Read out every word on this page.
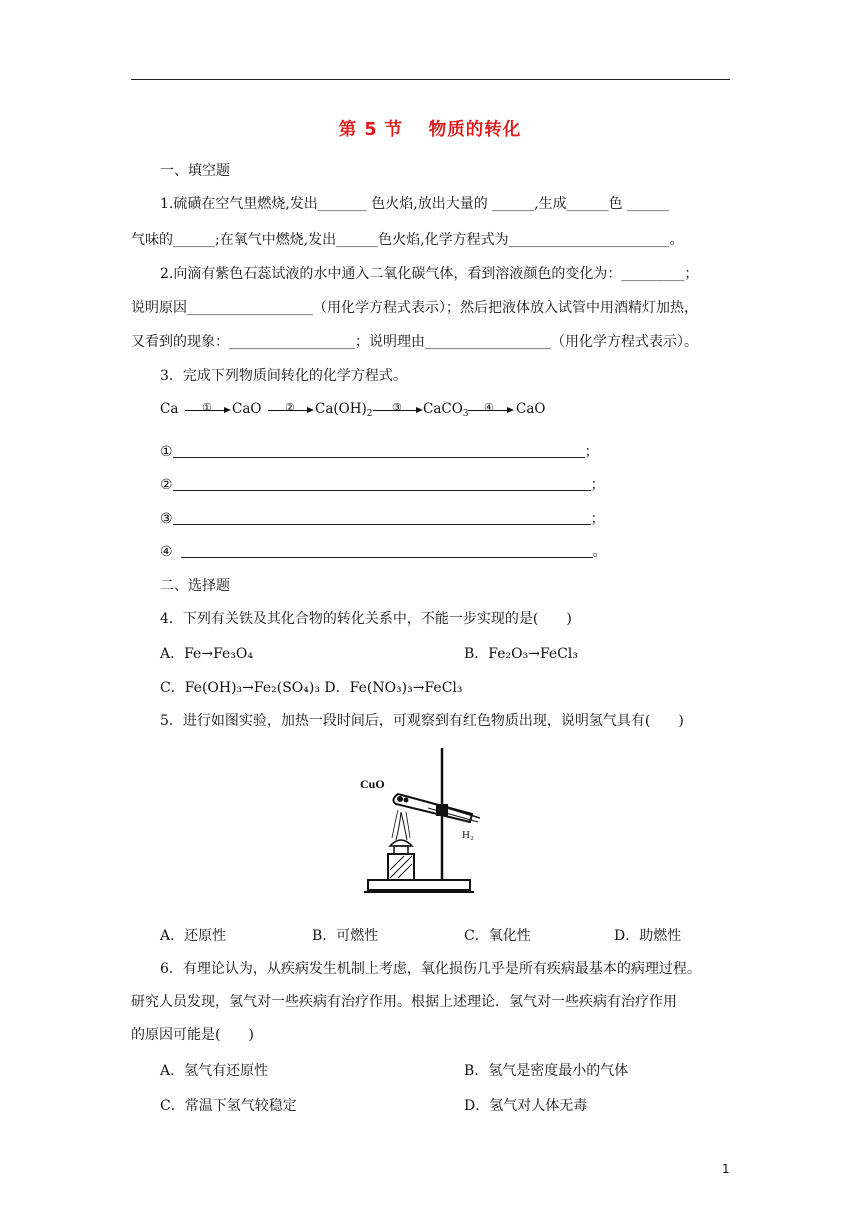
第 5 节　 物质的转化
一、填空题
1.硫磺在空气里燃烧,发出_______ 色火焰,放出大量的 ______,生成______色 ______
气味的______;在氧气中燃烧,发出______色火焰,化学方程式为_______________________。
2.向滴有紫色石蕊试液的水中通入二氧化碳气体，看到溶液颜色的变化为：_________；
说明原因__________________（用化学方程式表示）；然后把液体放入试管中用酒精灯加热，
又看到的现象：__________________；说明理由__________________（用化学方程式表示）。
3．完成下列物质间转化的化学方程式。
Ca ① CaO ② $Ca(OH)_2$ ③ CaCO$_3$ ④ CaO
①	；
②	；
③	；
④	。
二、选择题
4．下列有关铁及其化合物的转化关系中，不能一步实现的是(　　)
A．Fe→Fe₃O₄	B．Fe₂O₃→FeCl₃
C．Fe(OH)₃→Fe₂(SO₄)₃ D．Fe(NO₃)₃→FeCl₃
5．进行如图实验，加热一段时间后，可观察到有红色物质出现，说明氢气具有(　　)
CuO
H₂
A．还原性	B．可燃性	C．氧化性	D．助燃性
6．有理论认为，从疾病发生机制上考虑，氧化损伤几乎是所有疾病最基本的病理过程。
研究人员发现，氢气对一些疾病有治疗作用。根据上述理论．氢气对一些疾病有治疗作用
的原因可能是(　　)
A．氢气有还原性	B．氢气是密度最小的气体
C．常温下氢气较稳定	D．氢气对人体无毒
1
